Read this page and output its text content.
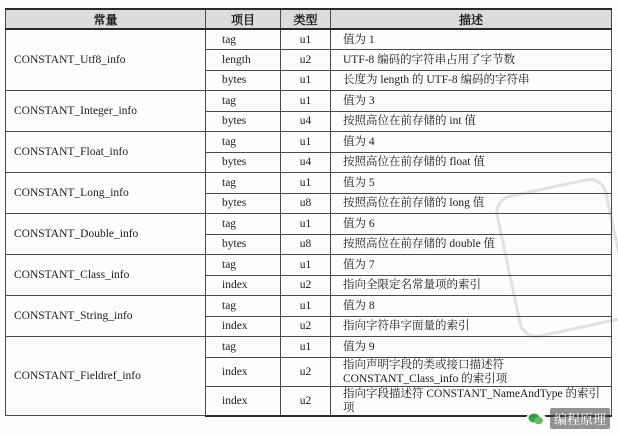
常量	项目	类型	描述
CONSTANT_Utf8_info	tag	u1	值为 1
	length	u2	UTF-8 编码的字符串占用了字节数
	bytes	u1	长度为 length 的 UTF-8 编码的字符串
CONSTANT_Integer_info	tag	u1	值为 3
	bytes	u4	按照高位在前存储的 int 值
CONSTANT_Float_info	tag	u1	值为 4
	bytes	u4	按照高位在前存储的 float 值
CONSTANT_Long_info	tag	u1	值为 5
	bytes	u8	按照高位在前存储的 long 值
CONSTANT_Double_info	tag	u1	值为 6
	bytes	u8	按照高位在前存储的 double 值
CONSTANT_Class_info	tag	u1	值为 7
	index	u2	指向全限定名常量项的索引
CONSTANT_String_info	tag	u1	值为 8
	index	u2	指向字符串字面量的索引
CONSTANT_Fieldref_info	tag	u1	值为 9
	index	u2	指向声明字段的类或接口描述符 CONSTANT_Class_info 的索引项
	index	u2	指向字段描述符 CONSTANT_NameAndType 的索引项
编程原理
